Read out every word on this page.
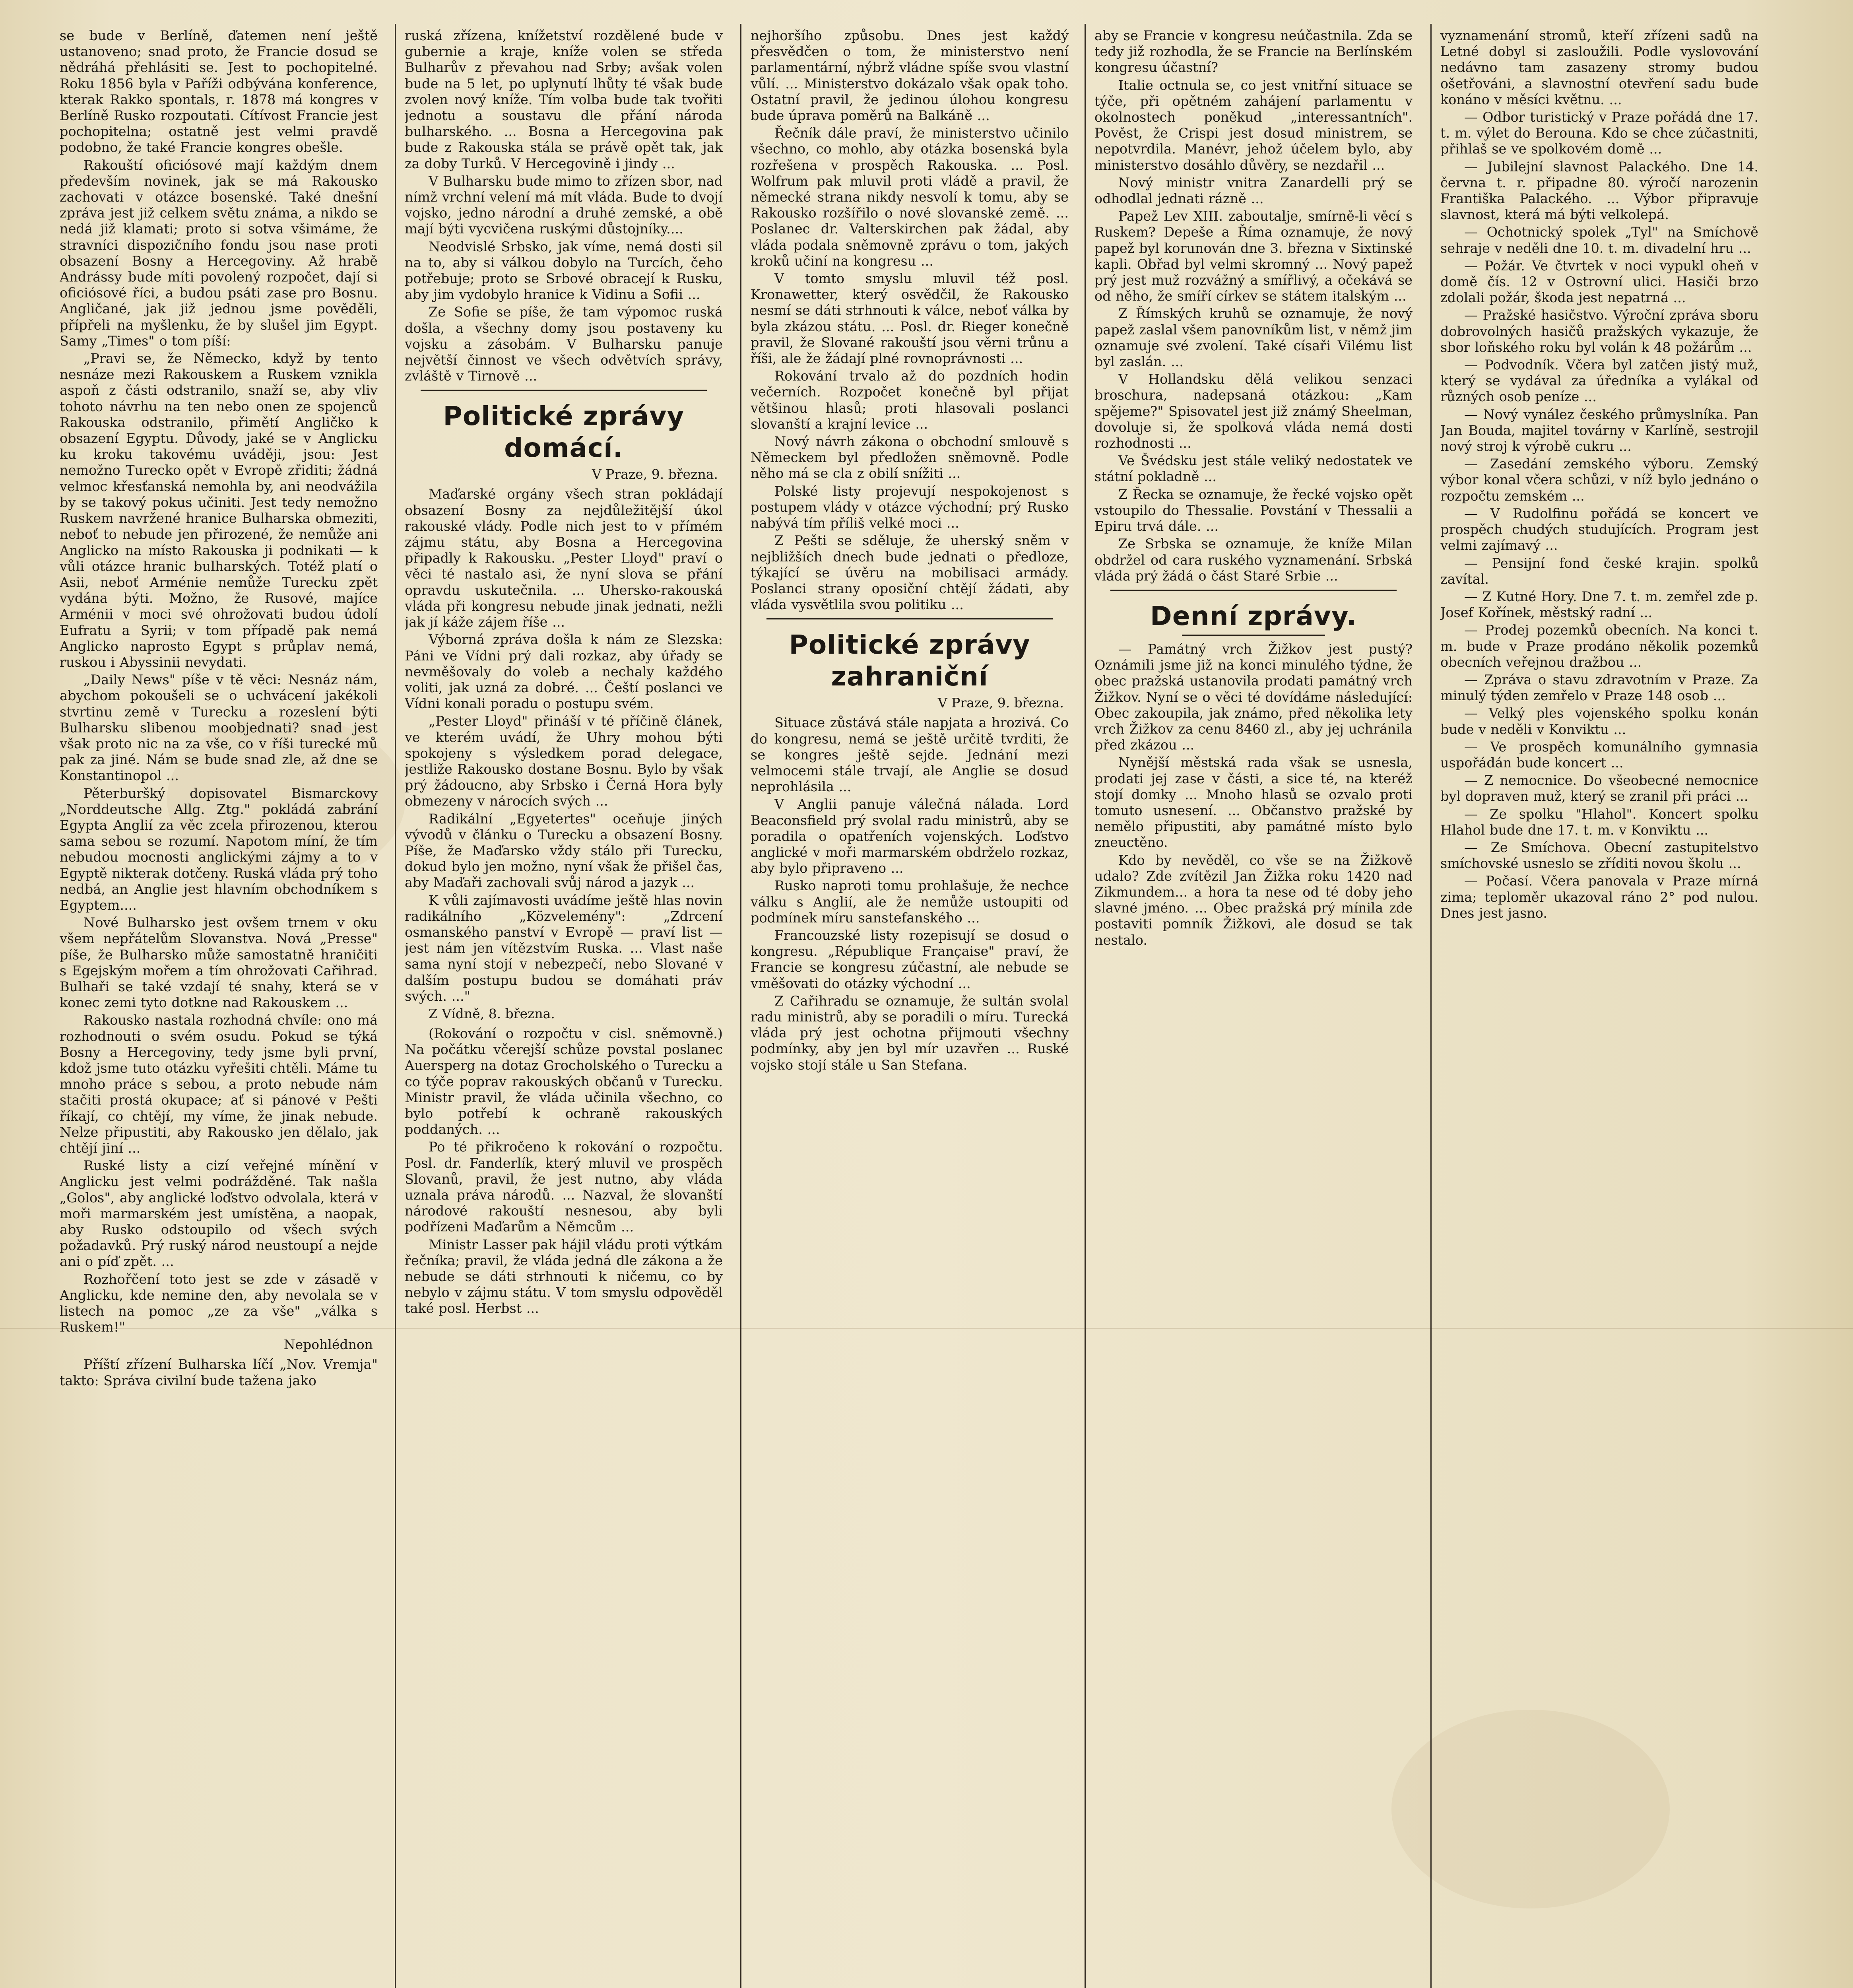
se bude v Berlíně, ďatemen není ještě ustanoveno; snad proto, že Francie dosud se nědráhá přehlásiti se. Jest to pochopitelné. Roku 1856 byla v Paříži odbývána konference, kterak Rakko spontals, r. 1878 má kongres v Berlíně Rusko rozpoutati. Cítívost Francie jest pochopitelna; ostatně jest velmi pravdě podobno, že také Francie kongres obešle.

Rakouští oficiósové mají každým dnem především novinek, jak se má Rakousko zachovati v otázce bosenské. Také dnešní zpráva jest již celkem světu známa, a nikdo se nedá již klamati; proto si sotva všimáme, že stravníci dispozičního fondu jsou nase proti obsazení Bosny a Hercegoviny. Až hrabě Andrássy bude míti povolený rozpočet, dají si oficiósové říci, a budou psáti zase pro Bosnu. Angličané, jak již jednou jsme pověděli, přípřeli na myšlenku, že by slušel jim Egypt. Samy „Times" o tom píší:

„Pravi se, že Německo, když by tento nesnáze mezi Rakouskem a Ruskem vznikla aspoň z části odstranilo, snaží se, aby vliv tohoto návrhu na ten nebo onen ze spojenců Rakouska odstranilo, přimětí Angličko k obsazení Egyptu. Důvody, jaké se v Anglicku ku kroku takovému uváději, jsou: Jest nemožno Turecko opět v Evropě zřiditi; žádná velmoc křesťanská nemohla by, ani neodvážila by se takový pokus učiniti. Jest tedy nemožno Ruskem navržené hranice Bulharska obmeziti, neboť to nebude jen přirozené, že nemůže ani Anglicko na místo Rakouska ji podnikati — k vůli otázce hranic bulharských. Totéž platí o Asii, neboť Arménie nemůže Turecku zpět vydána býti. Možno, že Rusové, majíce Arménii v moci své ohrožovati budou údolí Eufratu a Syrii; v tom případě pak nemá Anglicko naprosto Egypt s průplav nemá, ruskou i Abyssinii nevydati.

„Daily News" píše v tě věci: Nesnáz nám, abychom pokoušeli se o uchvácení jakékoli stvrtinu země v Turecku a rozeslení býti Bulharsku slibenou moobjednati? snad jest však proto nic na za vše, co v říši turecké mů pak za jiné. Nám se bude snad zle, až dne se Konstantinopol ...

Pěterburšký dopisovatel Bismarckovy „Norddeutsche Allg. Ztg." pokládá zabrání Egypta Anglií za věc zcela přirozenou, kterou sama sebou se rozumí. Napotom míní, že tím nebudou mocnosti anglickými zájmy a to v Egyptě nikterak dotčeny. Ruská vláda prý toho nedbá, an Anglie jest hlavním obchodníkem s Egyptem....

Nové Bulharsko jest ovšem trnem v oku všem nepřátelům Slovanstva. Nová „Presse" píše, že Bulharsko může samostatně hraničiti s Egejským mořem a tím ohrožovati Cařihrad. Bulhaři se také vzdají té snahy, která se v konec zemi tyto dotkne nad Rakouskem ...

Rakousko nastala rozhodná chvíle: ono má rozhodnouti o svém osudu. Pokud se týká Bosny a Hercegoviny, tedy jsme byli první, kdož jsme tuto otázku vyřešiti chtěli. Máme tu mnoho práce s sebou, a proto nebude nám stačiti prostá okupace; ať si pánové v Pešti říkají, co chtějí, my víme, že jinak nebude. Nelze připustiti, aby Rakousko jen dělalo, jak chtějí jiní ...

Ruské listy a cizí veřejné mínění v Anglicku jest velmi podrážděné. Tak našla „Golos", aby anglické loďstvo odvolala, která v moři marmarském jest umístěna, a naopak, aby Rusko odstoupilo od všech svých požadavků. Prý ruský národ neustoupí a nejde ani o píď zpět. ...

Rozhořčení toto jest se zde v zásadě v Anglicku, kde nemine den, aby nevolala se v listech na pomoc „ze za vše" „válka s Ruskem!"

Nepohlédnon

Příští zřízení Bulharska líčí „Nov. Vremja" takto: Správa civilní bude tažena jako

ruská zřízena, knížetství rozdělené bude v gubernie a kraje, kníže volen se středa Bulharův z převahou nad Srby; avšak volen bude na 5 let, po uplynutí lhůty té však bude zvolen nový kníže. Tím volba bude tak tvořiti jednotu a soustavu dle přání národa bulharského. ... Bosna a Hercegovina pak bude z Rakouska stála se právě opět tak, jak za doby Turků. V Hercegovině i jindy ...

V Bulharsku bude mimo to zřízen sbor, nad nímž vrchní velení má mít vláda. Bude to dvojí vojsko, jedno národní a druhé zemské, a obě mají býti vycvičena ruskými důstojníky....

Neodvislé Srbsko, jak víme, nemá dosti sil na to, aby si válkou dobylo na Turcích, čeho potřebuje; proto se Srbové obracejí k Rusku, aby jim vydobylo hranice k Vidinu a Sofii ...

Ze Sofie se píše, že tam výpomoc ruská došla, a všechny domy jsou postaveny ku vojsku a zásobám. V Bulharsku panuje největší činnost ve všech odvětvích správy, zvláště v Tirnově ...

Politické zprávy domácí.
V Praze, 9. března.

Maďarské orgány všech stran pokládají obsazení Bosny za nejdůležitější úkol rakouské vlády. Podle nich jest to v přímém zájmu státu, aby Bosna a Hercegovina připadly k Rakousku. „Pester Lloyd" praví o věci té nastalo asi, že nyní slova se přání opravdu uskutečnila. ... Uhersko-rakouská vláda při kongresu nebude jinak jednati, nežli jak jí káže zájem říše ...

Výborná zpráva došla k nám ze Slezska: Páni ve Vídni prý dali rozkaz, aby úřady se nevměšovaly do voleb a nechaly každého voliti, jak uzná za dobré. ... Čeští poslanci ve Vídni konali poradu o postupu svém.

„Pester Lloyd" přináší v té příčině článek, ve kterém uvádí, že Uhry mohou býti spokojeny s výsledkem porad delegace, jestliže Rakousko dostane Bosnu. Bylo by však prý žádoucno, aby Srbsko i Černá Hora byly obmezeny v nárocích svých ...

Radikální „Egyetertes" oceňuje jiných vývodů v článku o Turecku a obsazení Bosny. Píše, že Maďarsko vždy stálo při Turecku, dokud bylo jen možno, nyní však že přišel čas, aby Maďaři zachovali svůj národ a jazyk ...

K vůli zajímavosti uvádíme ještě hlas novin radikálního „Közvelemény": „Zdrcení osmanského panství v Evropě — praví list — jest nám jen vítězstvím Ruska. ... Vlast naše sama nyní stojí v nebezpečí, nebo Slované v dalším postupu budou se domáhati práv svých. ..."

Z Vídně, 8. března.

(Rokování o rozpočtu v cisl. sněmovně.) Na počátku včerejší schůze povstal poslanec Auersperg na dotaz Grocholského o Turecku a co týče poprav rakouských občanů v Turecku. Ministr pravil, že vláda učinila všechno, co bylo potřebí k ochraně rakouských poddaných. ...

Po té přikročeno k rokování o rozpočtu. Posl. dr. Fanderlík, který mluvil ve prospěch Slovanů, pravil, že jest nutno, aby vláda uznala práva národů. ... Nazval, že slovanští národové rakouští nesnesou, aby byli podřízeni Maďarům a Němcům ...

Ministr Lasser pak hájil vládu proti výtkám řečníka; pravil, že vláda jedná dle zákona a že nebude se dáti strhnouti k ničemu, co by nebylo v zájmu státu. V tom smyslu odpověděl také posl. Herbst ...

nejhoršího způsobu. Dnes jest každý přesvědčen o tom, že ministerstvo není parlamentární, nýbrž vládne spíše svou vlastní vůlí. ... Ministerstvo dokázalo však opak toho. Ostatní pravil, že jedinou úlohou kongresu bude úprava poměrů na Balkáně ...

Řečník dále praví, že ministerstvo učinilo všechno, co mohlo, aby otázka bosenská byla rozřešena v prospěch Rakouska. ... Posl. Wolfrum pak mluvil proti vládě a pravil, že německé strana nikdy nesvolí k tomu, aby se Rakousko rozšířilo o nové slovanské země. ... Poslanec dr. Valterskirchen pak žádal, aby vláda podala sněmovně zprávu o tom, jakých kroků učiní na kongresu ...

V tomto smyslu mluvil též posl. Kronawetter, který osvědčil, že Rakousko nesmí se dáti strhnouti k válce, neboť válka by byla zkázou státu. ... Posl. dr. Rieger konečně pravil, že Slované rakouští jsou věrni trůnu a říši, ale že žádají plné rovnoprávnosti ...

Rokování trvalo až do pozdních hodin večerních. Rozpočet konečně byl přijat většinou hlasů; proti hlasovali poslanci slovanští a krajní levice ...

Nový návrh zákona o obchodní smlouvě s Německem byl předložen sněmovně. Podle něho má se cla z obilí snížiti ...

Polské listy projevují nespokojenost s postupem vlády v otázce východní; prý Rusko nabývá tím příliš velké moci ...

Z Pešti se sděluje, že uherský sněm v nejbližších dnech bude jednati o předloze, týkající se úvěru na mobilisaci armády. Poslanci strany oposiční chtějí žádati, aby vláda vysvětlila svou politiku ...

Politické zprávy zahraniční
V Praze, 9. března.

Situace zůstává stále napjata a hrozivá. Co do kongresu, nemá se ještě určitě tvrditi, že se kongres ještě sejde. Jednání mezi velmocemi stále trvají, ale Anglie se dosud neprohlásila ...

V Anglii panuje válečná nálada. Lord Beaconsfield prý svolal radu ministrů, aby se poradila o opatřeních vojenských. Loďstvo anglické v moři marmarském obdrželo rozkaz, aby bylo připraveno ...

Rusko naproti tomu prohlašuje, že nechce válku s Anglií, ale že nemůže ustoupiti od podmínek míru sanstefanského ...

Francouzské listy rozepisují se dosud o kongresu. „République Française" praví, že Francie se kongresu zúčastní, ale nebude se vměšovati do otázky východní ...

Z Cařihradu se oznamuje, že sultán svolal radu ministrů, aby se poradili o míru. Turecká vláda prý jest ochotna přijmouti všechny podmínky, aby jen byl mír uzavřen ... Ruské vojsko stojí stále u San Stefana.

aby se Francie v kongresu neúčastnila. Zda se tedy již rozhodla, že se Francie na Berlínském kongresu účastní?

Italie octnula se, co jest vnitřní situace se týče, při opětném zahájení parlamentu v okolnostech poněkud „interessantních". Pověst, že Crispi jest dosud ministrem, se nepotvrdila. Manévr, jehož účelem bylo, aby ministerstvo dosáhlo důvěry, se nezdařil ...

Nový ministr vnitra Zanardelli prý se odhodlal jednati rázně ...

Papež Lev XIII. zaboutalje, smírně-li věcí s Ruskem? Depeše a Říma oznamuje, že nový papež byl korunován dne 3. března v Sixtinské kapli. Obřad byl velmi skromný ... Nový papež prý jest muž rozvážný a smířlivý, a očekává se od něho, že smíří církev se státem italským ...

Z Římských kruhů se oznamuje, že nový papež zaslal všem panovníkům list, v němž jim oznamuje své zvolení. Také císaři Vilému list byl zaslán. ...

V Hollandsku dělá velikou senzaci broschura, nadepsaná otázkou: „Kam spějeme?" Spisovatel jest již známý Sheelman, dovoluje si, že spolková vláda nemá dosti rozhodnosti ...

Ve Švédsku jest stále veliký nedostatek ve státní pokladně ...

Z Řecka se oznamuje, že řecké vojsko opět vstoupilo do Thessalie. Povstání v Thessalii a Epiru trvá dále. ...

Ze Srbska se oznamuje, že kníže Milan obdržel od cara ruského vyznamenání. Srbská vláda prý žádá o část Staré Srbie ...

Denní zprávy.

— Památný vrch Žižkov jest pustý? Oznámili jsme již na konci minulého týdne, že obec pražská ustanovila prodati památný vrch Žižkov. Nyní se o věci té dovídáme následující: Obec zakoupila, jak známo, před několika lety vrch Žižkov za cenu 8460 zl., aby jej uchránila před zkázou ...

Nynější městská rada však se usnesla, prodati jej zase v části, a sice té, na kteréž stojí domky ... Mnoho hlasů se ozvalo proti tomuto usnesení. ... Občanstvo pražské by nemělo připustiti, aby památné místo bylo zneuctěno.

Kdo by nevěděl, co vše se na Žižkově udalo? Zde zvítězil Jan Žižka roku 1420 nad Zikmundem... a hora ta nese od té doby jeho slavné jméno. ... Obec pražská prý mínila zde postaviti pomník Žižkovi, ale dosud se tak nestalo.

vyznamenání stromů, kteří zřízeni sadů na Letné dobyl si zasloužili. Podle vyslovování nedávno tam zasazeny stromy budou ošetřováni, a slavnostní otevření sadu bude konáno v měsíci květnu. ...

— Odbor turistický v Praze pořádá dne 17. t. m. výlet do Berouna. Kdo se chce zúčastniti, přihlaš se ve spolkovém domě ...

— Jubilejní slavnost Palackého. Dne 14. června t. r. připadne 80. výročí narozenin Františka Palackého. ... Výbor připravuje slavnost, která má býti velkolepá.

— Ochotnický spolek „Tyl" na Smíchově sehraje v neděli dne 10. t. m. divadelní hru ...

— Požár. Ve čtvrtek v noci vypukl oheň v domě čís. 12 v Ostrovní ulici. Hasiči brzo zdolali požár, škoda jest nepatrná ...

— Pražské hasičstvo. Výroční zpráva sboru dobrovolných hasičů pražských vykazuje, že sbor loňského roku byl volán k 48 požárům ...

— Podvodník. Včera byl zatčen jistý muž, který se vydával za úředníka a vylákal od různých osob peníze ...

— Nový vynález českého průmyslníka. Pan Jan Bouda, majitel továrny v Karlíně, sestrojil nový stroj k výrobě cukru ...

— Zasedání zemského výboru. Zemský výbor konal včera schůzi, v níž bylo jednáno o rozpočtu zemském ...

— V Rudolfinu pořádá se koncert ve prospěch chudých studujících. Program jest velmi zajímavý ...

— Pensijní fond české krajin. spolků zavítal.

— Z Kutné Hory. Dne 7. t. m. zemřel zde p. Josef Kořínek, městský radní ...

— Prodej pozemků obecních. Na konci t. m. bude v Praze prodáno několik pozemků obecních veřejnou dražbou ...

— Zpráva o stavu zdravotním v Praze. Za minulý týden zemřelo v Praze 148 osob ...

— Velký ples vojenského spolku konán bude v neděli v Konviktu ...

— Ve prospěch komunálního gymnasia uspořádán bude koncert ...

— Z nemocnice. Do všeobecné nemocnice byl dopraven muž, který se zranil při práci ...

— Ze spolku "Hlahol". Koncert spolku Hlahol bude dne 17. t. m. v Konviktu ...

— Ze Smíchova. Obecní zastupitelstvo smíchovské usneslo se zříditi novou školu ...

— Počasí. Včera panovala v Praze mírná zima; teploměr ukazoval ráno 2° pod nulou. Dnes jest jasno.
